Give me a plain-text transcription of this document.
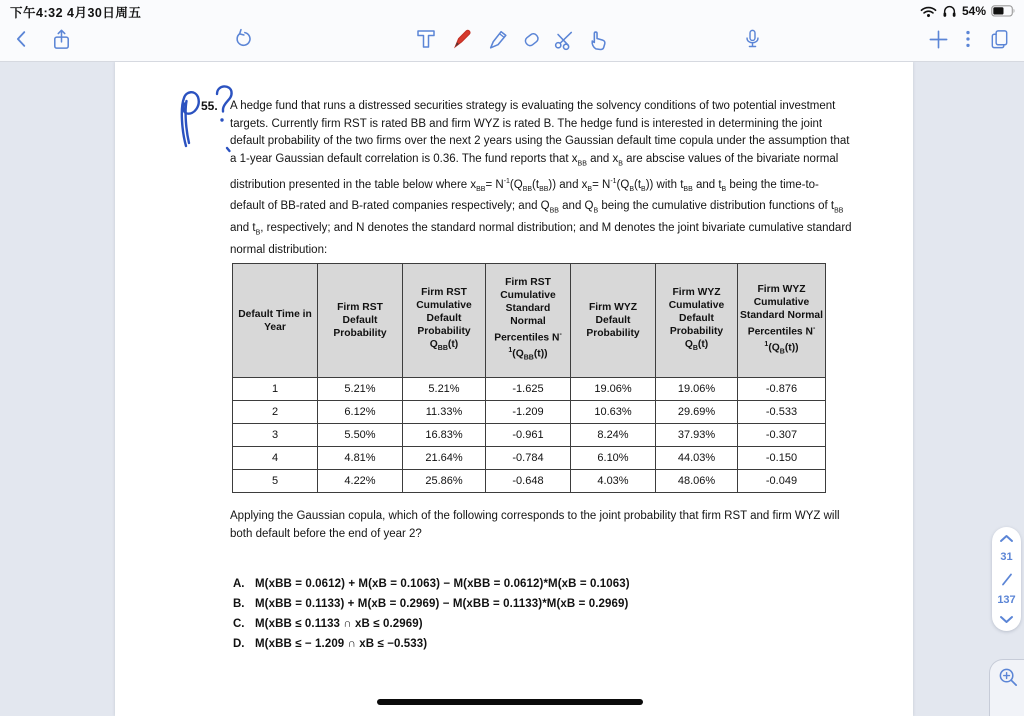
下午4:32 4月30日周五	54%
55. A hedge fund that runs a distressed securities strategy is evaluating the solvency conditions of two potential investment targets. Currently firm RST is rated BB and firm WYZ is rated B. The hedge fund is interested in determining the joint default probability of the two firms over the next 2 years using the Gaussian default time copula under the assumption that a 1-year Gaussian default correlation is 0.36. The fund reports that $x_{BB}$ and $x_B$ are abscise values of the bivariate normal distribution presented in the table below where $x_{BB}= N^{-1}(Q_{BB}(t_{BB}))$ and $x_B= N^{-1}(Q_B(t_B))$ with $t_{BB}$ and $t_B$ being the time-to-default of BB-rated and B-rated companies respectively; and $Q_{BB}$ and $Q_B$ being the cumulative distribution functions of $t_{BB}$ and $t_B$, respectively; and N denotes the standard normal distribution; and M denotes the joint bivariate cumulative standard normal distribution:
Default Time in Year	Firm RST Default Probability	Firm RST Cumulative Default Probability $Q_{BB}(t)$	Firm RST Cumulative Standard Normal Percentiles $N^{-1}(Q_{BB}(t))$	Firm WYZ Default Probability	Firm WYZ Cumulative Default Probability $Q_B(t)$	Firm WYZ Cumulative Standard Normal Percentiles $N^{-1}(Q_B(t))$
1	5.21%	5.21%	-1.625	19.06%	19.06%	-0.876
2	6.12%	11.33%	-1.209	10.63%	29.69%	-0.533
3	5.50%	16.83%	-0.961	8.24%	37.93%	-0.307
4	4.81%	21.64%	-0.784	6.10%	44.03%	-0.150
5	4.22%	25.86%	-0.648	4.03%	48.06%	-0.049
Applying the Gaussian copula, which of the following corresponds to the joint probability that firm RST and firm WYZ will both default before the end of year 2?
A. M(xBB = 0.0612) + M(xB = 0.1063) − M(xBB = 0.0612)*M(xB = 0.1063)
B. M(xBB = 0.1133) + M(xB = 0.2969) − M(xBB = 0.1133)*M(xB = 0.2969)
C. M(xBB ≤ 0.1133 ∩ xB ≤ 0.2969)
D. M(xBB ≤ − 1.209 ∩ xB ≤ −0.533)
31
137
